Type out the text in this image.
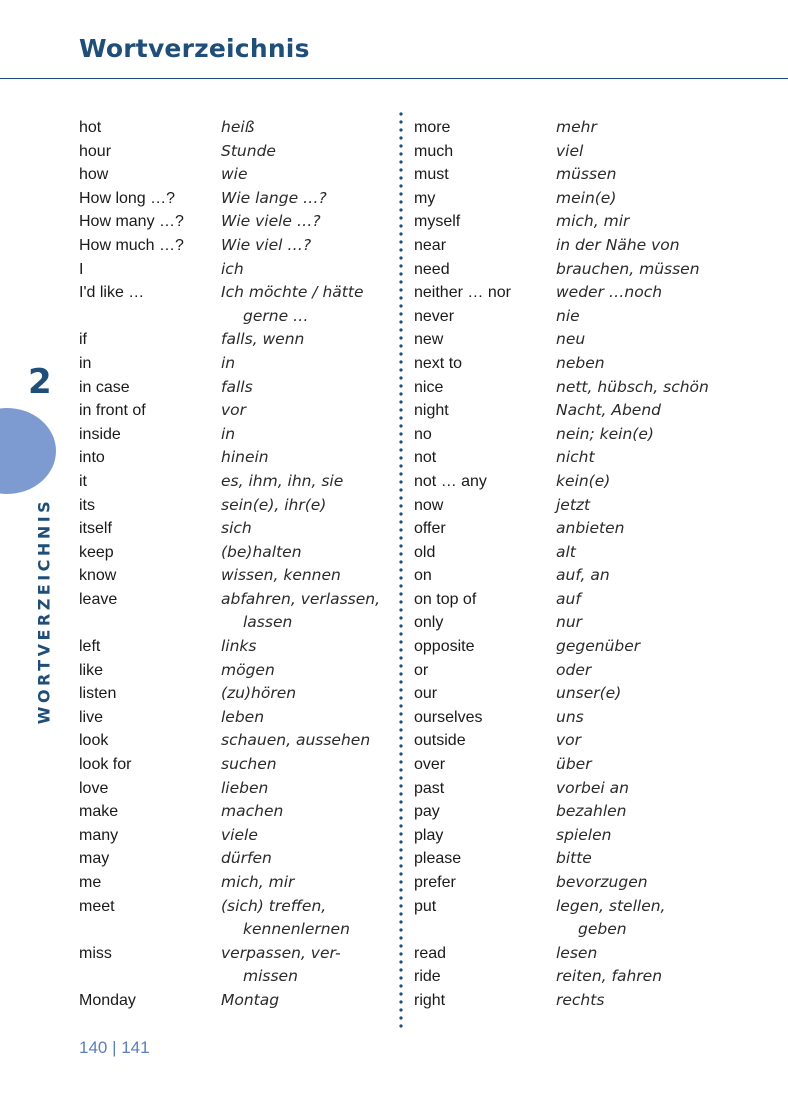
Wortverzeichnis
2
WORTVERZEICHNIS
hot	heiß
hour	Stunde
how	wie
How long …?	Wie lange …?
How many …?	Wie viele …?
How much …?	Wie viel …?
I	ich
I'd like …	Ich möchte / hätte
gerne …
if	falls, wenn
in	in
in case	falls
in front of	vor
inside	in
into	hinein
it	es, ihm, ihn, sie
its	sein(e), ihr(e)
itself	sich
keep	(be)halten
know	wissen, kennen
leave	abfahren, verlassen,
lassen
left	links
like	mögen
listen	(zu)hören
live	leben
look	schauen, aussehen
look for	suchen
love	lieben
make	machen
many	viele
may	dürfen
me	mich, mir
meet	(sich) treffen,
kennenlernen
miss	verpassen, ver-
missen
Monday	Montag
more	mehr
much	viel
must	müssen
my	mein(e)
myself	mich, mir
near	in der Nähe von
need	brauchen, müssen
neither … nor	weder …noch
never	nie
new	neu
next to	neben
nice	nett, hübsch, schön
night	Nacht, Abend
no	nein; kein(e)
not	nicht
not … any	kein(e)
now	jetzt
offer	anbieten
old	alt
on	auf, an
on top of	auf
only	nur
opposite	gegenüber
or	oder
our	unser(e)
ourselves	uns
outside	vor
over	über
past	vorbei an
pay	bezahlen
play	spielen
please	bitte
prefer	bevorzugen
put	legen, stellen,
geben
read	lesen
ride	reiten, fahren
right	rechts
140 | 141
